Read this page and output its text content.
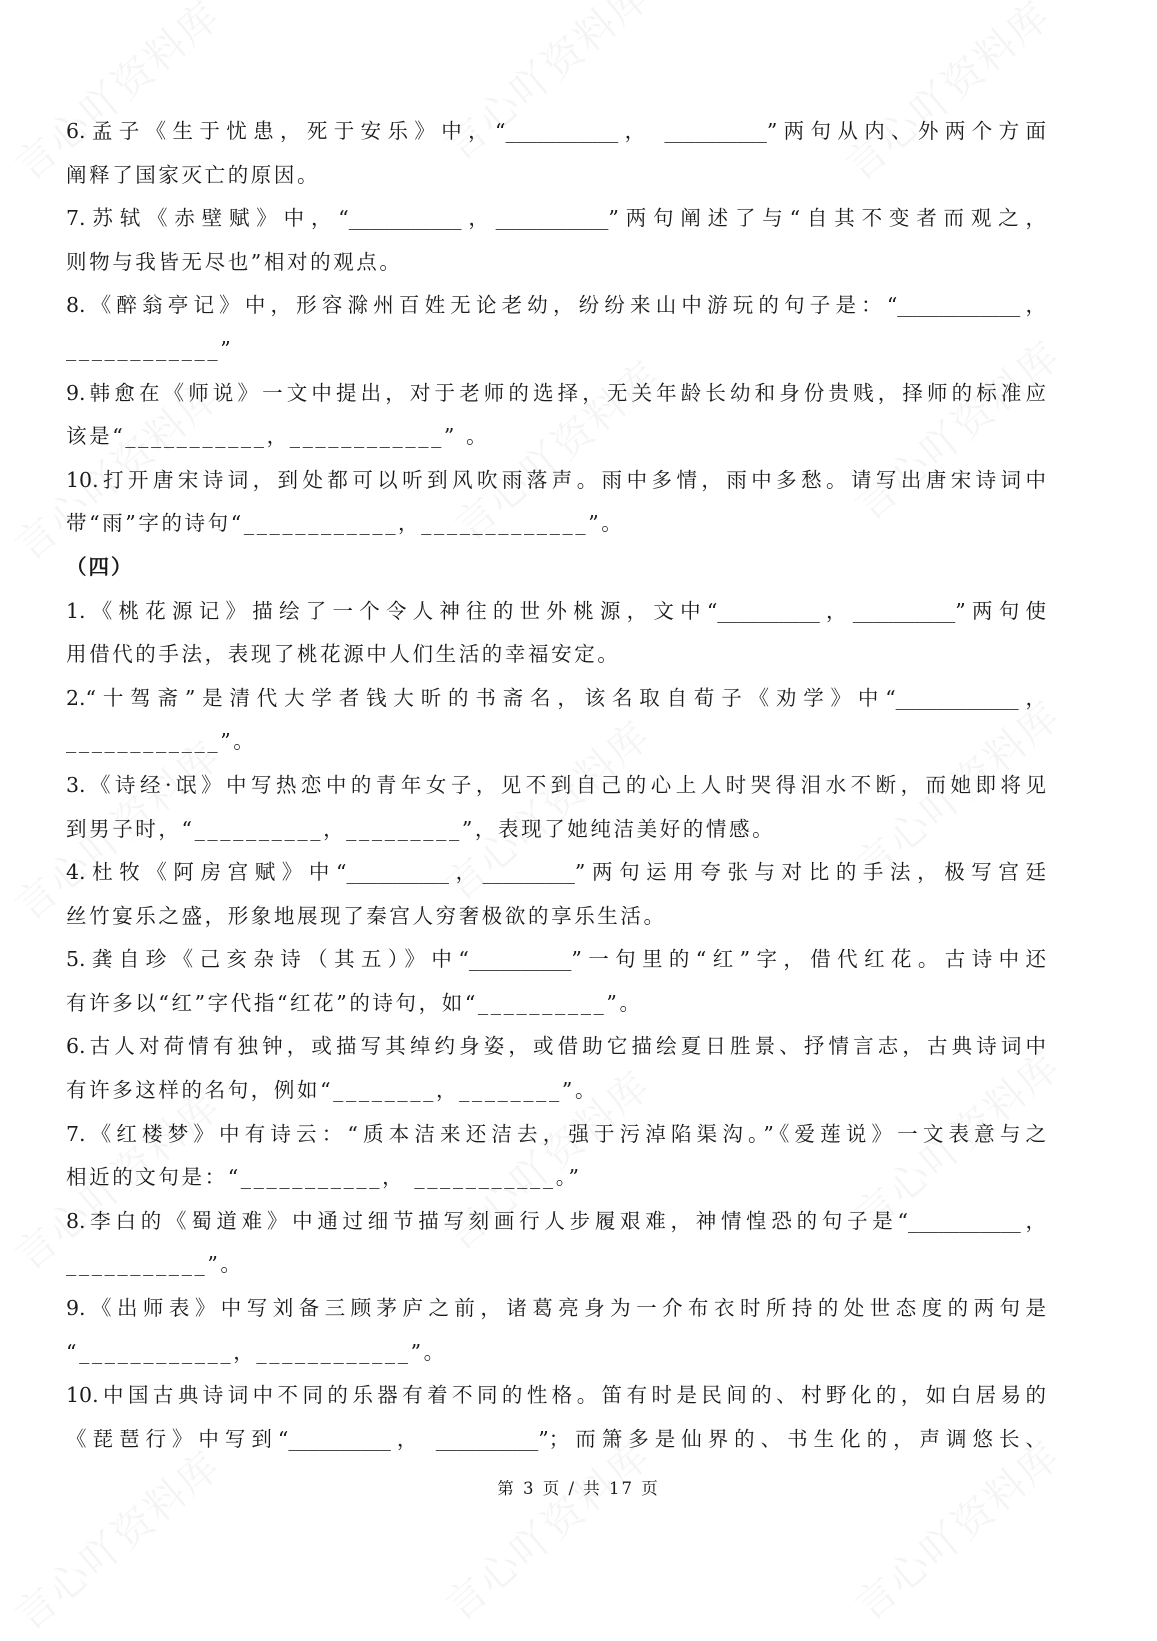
6.孟子《生于忧患，死于安乐》中，“___________， __________”两句从内、外两个方面
阐释了国家灭亡的原因。
7.苏轼《赤壁赋》中，“___________，___________”两句阐述了与“自其不变者而观之，
则物与我皆无尽也”相对的观点。
8.《醉翁亭记》中，形容滁州百姓无论老幼，纷纷来山中游玩的句子是：“____________，
____________”
9.韩愈在《师说》一文中提出，对于老师的选择，无关年龄长幼和身份贵贱，择师的标准应
该是“___________，____________” 。
10.打开唐宋诗词，到处都可以听到风吹雨落声。雨中多情，雨中多愁。请写出唐宋诗词中
带“雨”字的诗句“____________，_____________”。
（四）
1.《桃花源记》描绘了一个令人神往的世外桃源，文中“__________，__________”两句使
用借代的手法，表现了桃花源中人们生活的幸福安定。
2.“十驾斋”是清代大学者钱大昕的书斋名，该名取自荀子《劝学》中“____________，
____________”。
3.《诗经·氓》中写热恋中的青年女子，见不到自己的心上人时哭得泪水不断，而她即将见
到男子时，“__________，_________”，表现了她纯洁美好的情感。
4.杜牧《阿房宫赋》中“__________，_________”两句运用夸张与对比的手法，极写宫廷
丝竹宴乐之盛，形象地展现了秦宫人穷奢极欲的享乐生活。
5.龚自珍《己亥杂诗（其五）》中“__________”一句里的“红”字，借代红花。古诗中还
有许多以“红”字代指“红花”的诗句，如“__________”。
6.古人对荷情有独钟，或描写其绰约身姿，或借助它描绘夏日胜景、抒情言志，古典诗词中
有许多这样的名句，例如“________，________”。
7.《红楼梦》中有诗云：“质本洁来还洁去，强于污淖陷渠沟。”《爱莲说》一文表意与之
相近的文句是：“___________， ___________。”
8.李白的《蜀道难》中通过细节描写刻画行人步履艰难，神情惶恐的句子是“___________，
___________”。
9.《出师表》中写刘备三顾茅庐之前，诸葛亮身为一介布衣时所持的处世态度的两句是
“____________，____________”。
10.中国古典诗词中不同的乐器有着不同的性格。笛有时是民间的、村野化的，如白居易的
《琵琶行》中写到“__________， __________”；而箫多是仙界的、书生化的，声调悠长、
第 3 页 / 共 17 页
